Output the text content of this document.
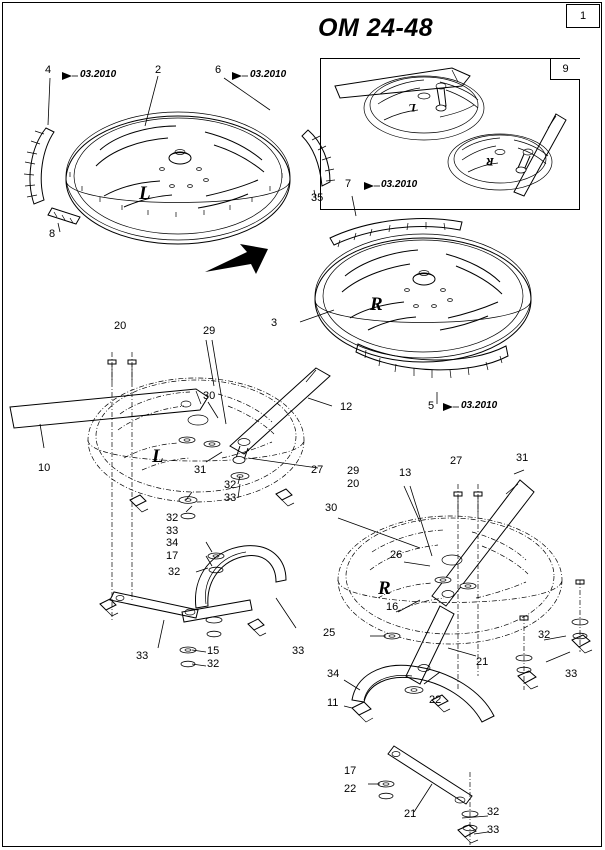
OM 24-48	1
9
L
R
L
R
L
R
03.2010	03.2010
03.2010
03.2010
4	2	6
35
7
8
3
5
20	29
30
12
10	31	27
32
33
32
33
34
17
32
33	15
32
33
29
20
13
27	31
30
26
16
25
34
11	22
21
32
33
17
22
21	32
33
